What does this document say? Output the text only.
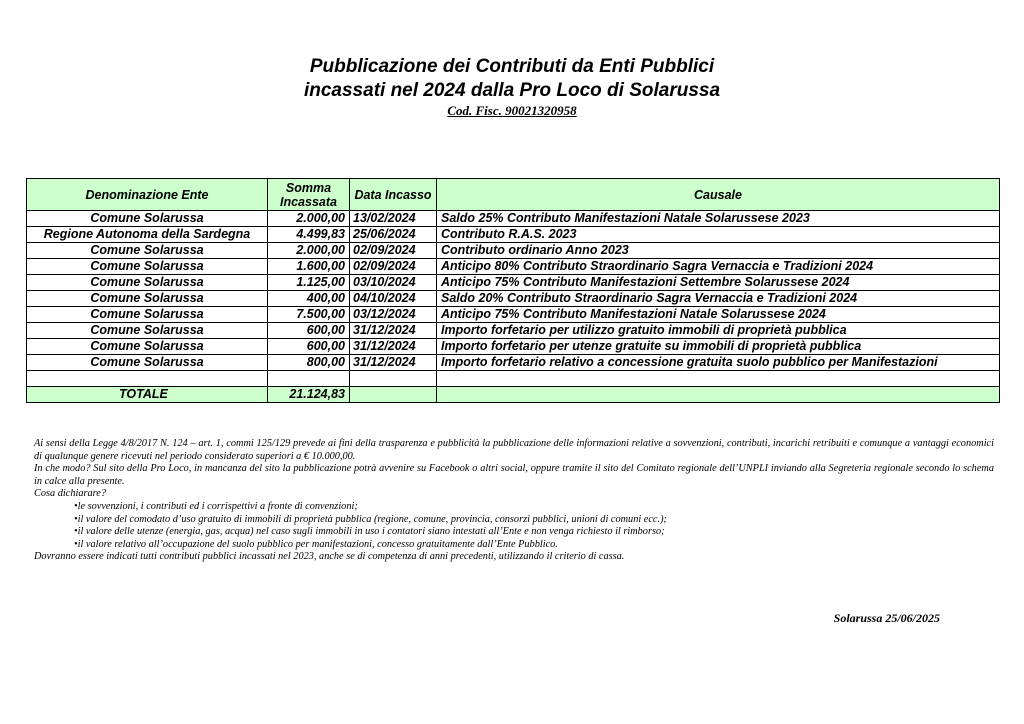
Pubblicazione dei Contributi da Enti Pubblici

incassati nel 2024 dalla Pro Loco di Solarussa

Cod. Fisc. 90021320958

Denominazione Ente	Somma Incassata	Data Incasso	Causale
Comune Solarussa	2.000,00	13/02/2024	Saldo 25% Contributo Manifestazioni Natale Solarussese 2023
Regione Autonoma della Sardegna	4.499,83	25/06/2024	Contributo R.A.S. 2023
Comune Solarussa	2.000,00	02/09/2024	Contributo ordinario Anno 2023
Comune Solarussa	1.600,00	02/09/2024	Anticipo 80% Contributo Straordinario Sagra Vernaccia e Tradizioni 2024
Comune Solarussa	1.125,00	03/10/2024	Anticipo 75% Contributo Manifestazioni Settembre Solarussese 2024
Comune Solarussa	400,00	04/10/2024	Saldo 20% Contributo Straordinario Sagra Vernaccia e Tradizioni 2024
Comune Solarussa	7.500,00	03/12/2024	Anticipo 75% Contributo Manifestazioni Natale Solarussese 2024
Comune Solarussa	600,00	31/12/2024	Importo forfetario per utilizzo gratuito immobili di proprietà pubblica
Comune Solarussa	600,00	31/12/2024	Importo forfetario per utenze gratuite su immobili di proprietà pubblica
Comune Solarussa	800,00	31/12/2024	Importo forfetario relativo a concessione gratuita suolo pubblico per Manifestazioni

TOTALE	21.124,83		

Ai sensi della Legge 4/8/2017 N. 124 – art. 1, commi 125/129 prevede ai fini della trasparenza e pubblicità la pubblicazione delle informazioni relative a sovvenzioni, contributi, incarichi retribuiti e comunque a vantaggi economici di qualunque genere ricevuti nel periodo considerato superiori a € 10.000,00.

In che modo? Sul sito della Pro Loco, in mancanza del sito la pubblicazione potrà avvenire su Facebook o altri social, oppure tramite il sito del Comitato regionale dell’UNPLI inviando alla Segreteria regionale secondo lo schema in calce alla presente.

Cosa dichiarare?

• le sovvenzioni, i contributi ed i corrispettivi a fronte di convenzioni;
• il valore del comodato d’uso gratuito di immobili di proprietà pubblica (regione, comune, provincia, consorzi pubblici, unioni di comuni ecc.);
• il valore delle utenze (energia, gas, acqua) nel caso sugli immobili in uso i contatori siano intestati all’Ente e non venga richiesto il rimborso;
• il valore relativo all’occupazione del suolo pubblico per manifestazioni, concesso gratuitamente dall’Ente Pubblico.

Dovranno essere indicati tutti contributi pubblici incassati nel 2023, anche se di competenza di anni precedenti, utilizzando il criterio di cassa.

Solarussa 25/06/2025
